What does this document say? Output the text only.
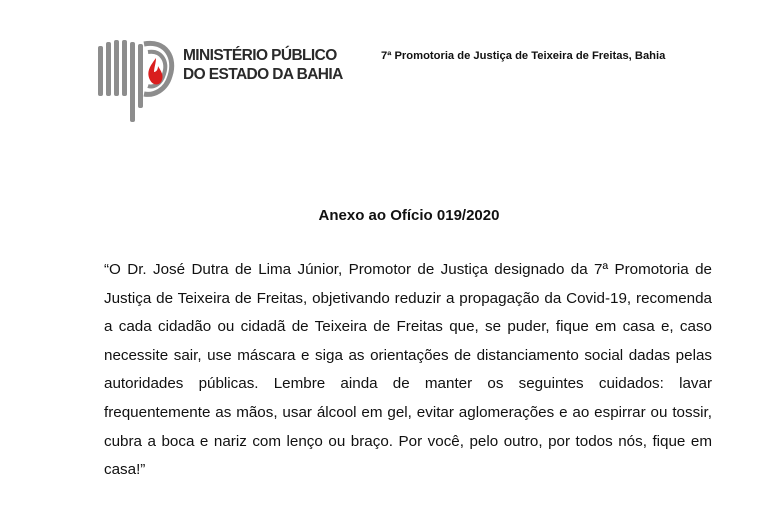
MINISTÉRIO PÚBLICO
DO ESTADO DA BAHIA
7ª Promotoria de Justiça de Teixeira de Freitas, Bahia
Anexo ao Ofício 019/2020
“O Dr. José Dutra de Lima Júnior, Promotor de Justiça designado da 7ª Promotoria de Justiça de Teixeira de Freitas, objetivando reduzir a propagação da Covid-19, recomenda a cada cidadão ou cidadã de Teixeira de Freitas que, se puder, fique em casa e, caso necessite sair, use máscara e siga as orientações de distanciamento social dadas pelas autoridades públicas. Lembre ainda de manter os seguintes cuidados: lavar frequentemente as mãos, usar álcool em gel, evitar aglomerações e ao espirrar ou tossir, cubra a boca e nariz com lenço ou braço. Por você, pelo outro, por todos nós, fique em casa!”
